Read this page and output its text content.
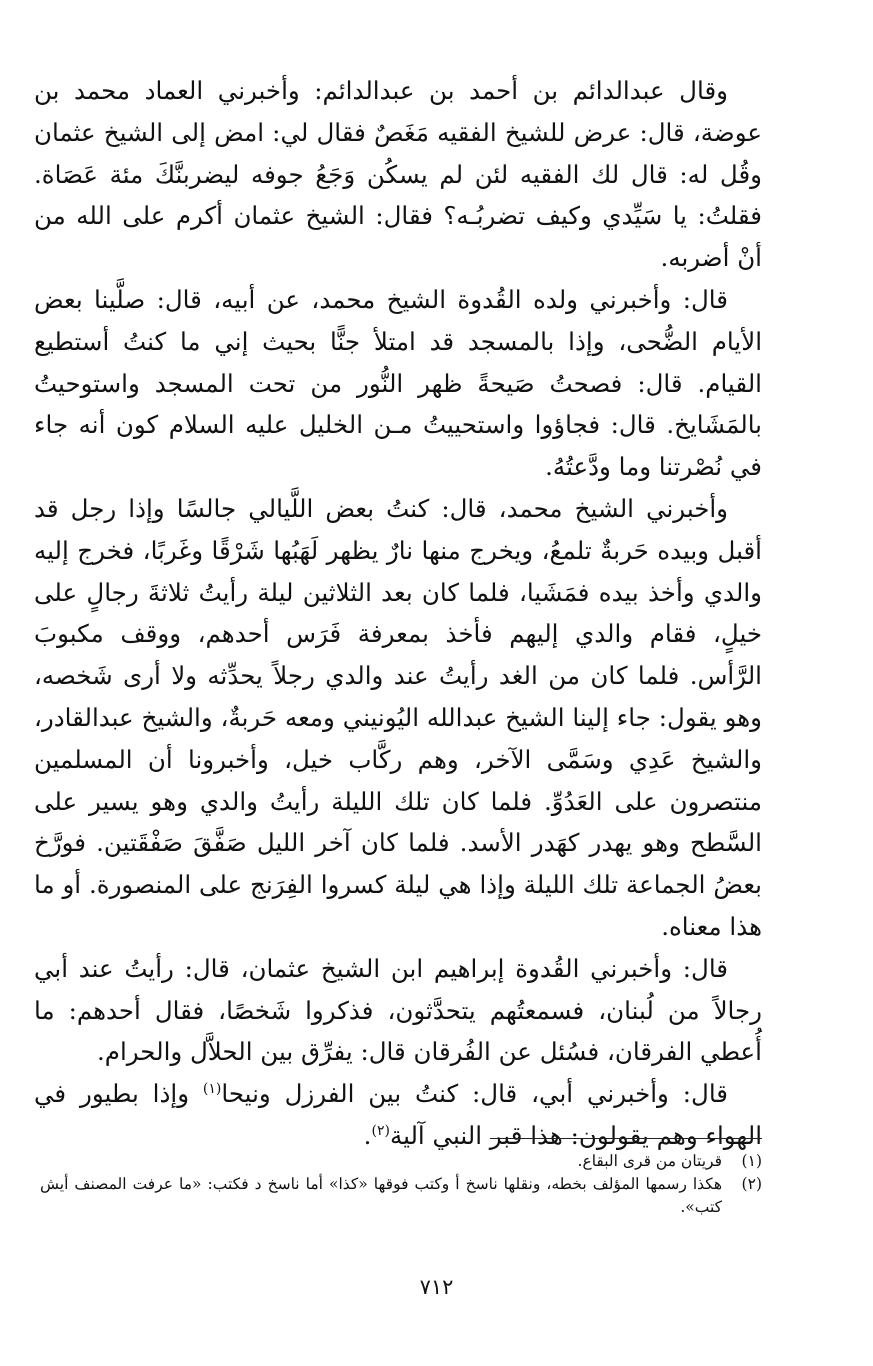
وقال عبدالدائم بن أحمد بن عبدالدائم: وأخبرني العماد محمد بن عوضة، قال: عرض للشيخ الفقيه مَغَصٌ فقال لي: امض إلى الشيخ عثمان وقُل له: قال لك الفقيه لئن لم يسكُن وَجَعُ جوفه ليضربنَّكَ مئة عَصَاة. فقلتُ: يا سَيِّدي وكيف تضربُـه؟ فقال: الشيخ عثمان أكرم على الله من أنْ أضربه.

قال: وأخبرني ولده القُدوة الشيخ محمد، عن أبيه، قال: صلَّينا بعض الأيام الضُّحى، وإذا بالمسجد قد امتلأ جنًّا بحيث إني ما كنتُ أستطيع القيام. قال: فصحتُ صَيحةً ظهر النُّور من تحت المسجد واستوحيتُ بالمَشَايخ. قال: فجاؤوا واستحييتُ مـن الخليل عليه السلام كون أنه جاء في نُصْرتنا وما ودَّعتُهُ.

وأخبرني الشيخ محمد، قال: كنتُ بعض اللَّيالي جالسًا وإذا رجل قد أقبل وبيده حَربةٌ تلمعُ، ويخرج منها نارٌ يظهر لَهَبُها شَرْقًا وغَربًا، فخرج إليه والدي وأخذ بيده فمَشَيا، فلما كان بعد الثلاثين ليلة رأيتُ ثلاثةَ رجالٍ على خيلٍ، فقام والدي إليهم فأخذ بمعرفة فَرَس أحدهم، ووقف مكبوبَ الرَّأس. فلما كان من الغد رأيتُ عند والدي رجلاً يحدِّثه ولا أرى شَخصه، وهو يقول: جاء إلينا الشيخ عبدالله اليُونيني ومعه حَربةٌ، والشيخ عبدالقادر، والشيخ عَدِي وسَمَّى الآخر، وهم ركَّاب خيل، وأخبرونا أن المسلمين منتصرون على العَدُوِّ. فلما كان تلك الليلة رأيتُ والدي وهو يسير على السَّطح وهو يهدر كهَدر الأسد. فلما كان آخر الليل صَفَّقَ صَفْقَتين. فورَّخ بعضُ الجماعة تلك الليلة وإذا هي ليلة كسروا الفِرَنج على المنصورة. أو ما هذا معناه.

قال: وأخبرني القُدوة إبراهيم ابن الشيخ عثمان، قال: رأيتُ عند أبي رجالاً من لُبنان، فسمعتُهم يتحدَّثون، فذكروا شَخصًا، فقال أحدهم: ما أُعطي الفرقان، فسُئل عن الفُرقان قال: يفرِّق بين الحلاَّل والحرام.

قال: وأخبرني أبي، قال: كنتُ بين الفرزل ونيحا$^{(١)}$ وإذا بطيور في الهواء وهم يقولون: هذا قبر النبي آلية$^{(٢)}$.

(١)
قريتان من قرى البقاع.
(٢)
هكذا رسمها المؤلف بخطه، ونقلها ناسخ أ وكتب فوقها «كذا» أما ناسخ د فكتب: «ما عرفت المصنف أيش كتب».
٧١٢
